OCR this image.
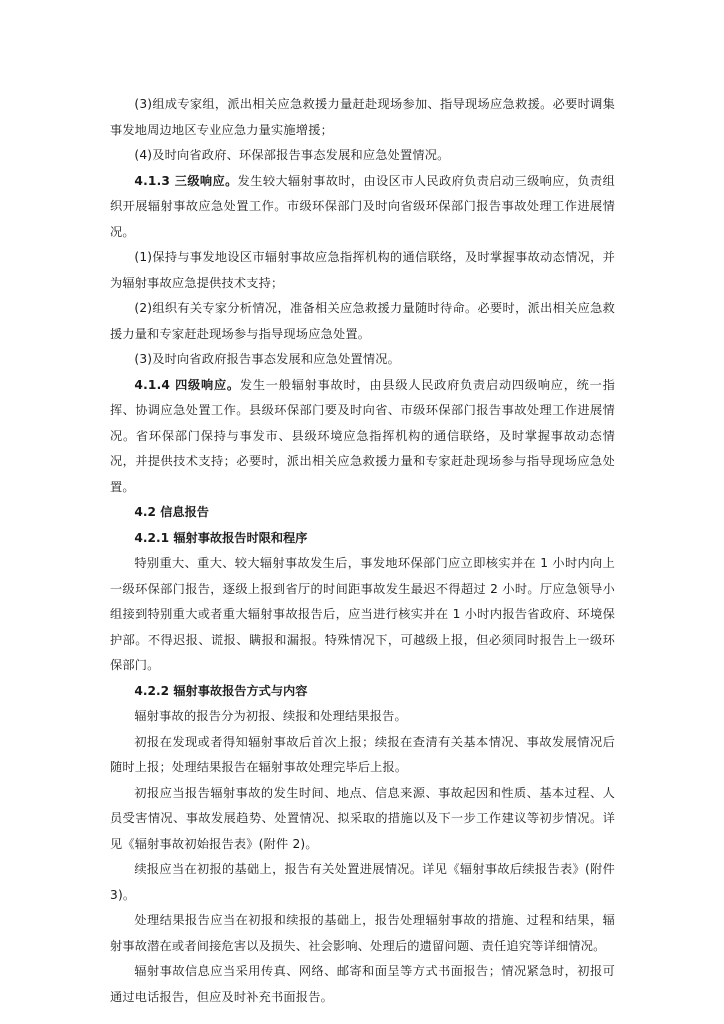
(3)组成专家组，派出相关应急救援力量赶赴现场参加、指导现场应急救援。必要时调集事发地周边地区专业应急力量实施增援；

(4)及时向省政府、环保部报告事态发展和应急处置情况。

4.1.3 三级响应。发生较大辐射事故时，由设区市人民政府负责启动三级响应，负责组织开展辐射事故应急处置工作。市级环保部门及时向省级环保部门报告事故处理工作进展情况。

(1)保持与事发地设区市辐射事故应急指挥机构的通信联络，及时掌握事故动态情况，并为辐射事故应急提供技术支持；

(2)组织有关专家分析情况，准备相关应急救援力量随时待命。必要时，派出相关应急救援力量和专家赶赴现场参与指导现场应急处置。

(3)及时向省政府报告事态发展和应急处置情况。

4.1.4 四级响应。发生一般辐射事故时，由县级人民政府负责启动四级响应，统一指挥、协调应急处置工作。县级环保部门要及时向省、市级环保部门报告事故处理工作进展情况。省环保部门保持与事发市、县级环境应急指挥机构的通信联络，及时掌握事故动态情况，并提供技术支持；必要时，派出相关应急救援力量和专家赶赴现场参与指导现场应急处置。

4.2 信息报告

4.2.1 辐射事故报告时限和程序

特别重大、重大、较大辐射事故发生后，事发地环保部门应立即核实并在 1 小时内向上一级环保部门报告，逐级上报到省厅的时间距事故发生最迟不得超过 2 小时。厅应急领导小组接到特别重大或者重大辐射事故报告后，应当进行核实并在 1 小时内报告省政府、环境保护部。不得迟报、谎报、瞒报和漏报。特殊情况下，可越级上报，但必须同时报告上一级环保部门。

4.2.2 辐射事故报告方式与内容

辐射事故的报告分为初报、续报和处理结果报告。

初报在发现或者得知辐射事故后首次上报；续报在查清有关基本情况、事故发展情况后随时上报；处理结果报告在辐射事故处理完毕后上报。

初报应当报告辐射事故的发生时间、地点、信息来源、事故起因和性质、基本过程、人员受害情况、事故发展趋势、处置情况、拟采取的措施以及下一步工作建议等初步情况。详见《辐射事故初始报告表》(附件 2)。

续报应当在初报的基础上，报告有关处置进展情况。详见《辐射事故后续报告表》(附件 3)。

处理结果报告应当在初报和续报的基础上，报告处理辐射事故的措施、过程和结果，辐射事故潜在或者间接危害以及损失、社会影响、处理后的遗留问题、责任追究等详细情况。

辐射事故信息应当采用传真、网络、邮寄和面呈等方式书面报告；情况紧急时，初报可通过电话报告，但应及时补充书面报告。
